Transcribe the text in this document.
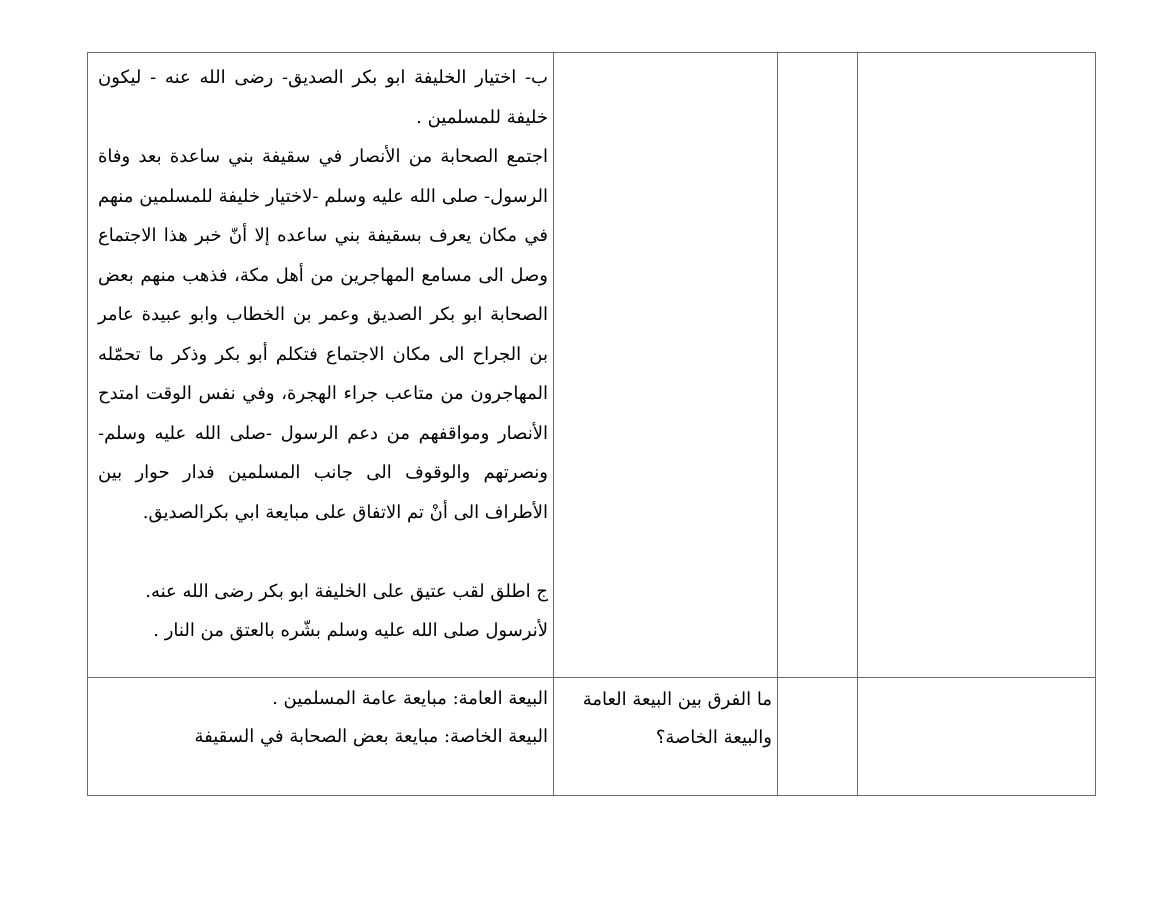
ب- اختيار الخليفة ابو بكر الصديق- رضى الله عنه - ليكون خليفة للمسلمين .

اجتمع الصحابة من الأنصار في سقيفة بني ساعدة بعد وفاة الرسول- صلى الله عليه وسلم -لاختيار خليفة للمسلمين منهم في مكان يعرف بسقيفة بني ساعده إلا أنّ خبر هذا الاجتماع وصل الى مسامع المهاجرين من أهل مكة، فذهب منهم بعض الصحابة ابو بكر الصديق وعمر بن الخطاب وابو عبيدة عامر بن الجراح الى مكان الاجتماع فتكلم أبو بكر وذكر ما تحمّله المهاجرون من متاعب جراء الهجرة، وفي نفس الوقت امتدح الأنصار ومواقفهم من دعم الرسول -صلى الله عليه وسلم- ونصرتهم والوقوف الى جانب المسلمين فدار حوار بين الأطراف الى أنْ تم الاتفاق على مبايعة ابي بكرالصديق.

ج اطلق لقب عتيق على الخليفة ابو بكر رضى الله عنه.

لأنرسول صلى الله عليه وسلم بشّره بالعتق من النار .

ما الفرق بين البيعة العامة والبيعة الخاصة؟

البيعة العامة: مبايعة عامة المسلمين .

البيعة الخاصة: مبايعة بعض الصحابة في السقيفة
